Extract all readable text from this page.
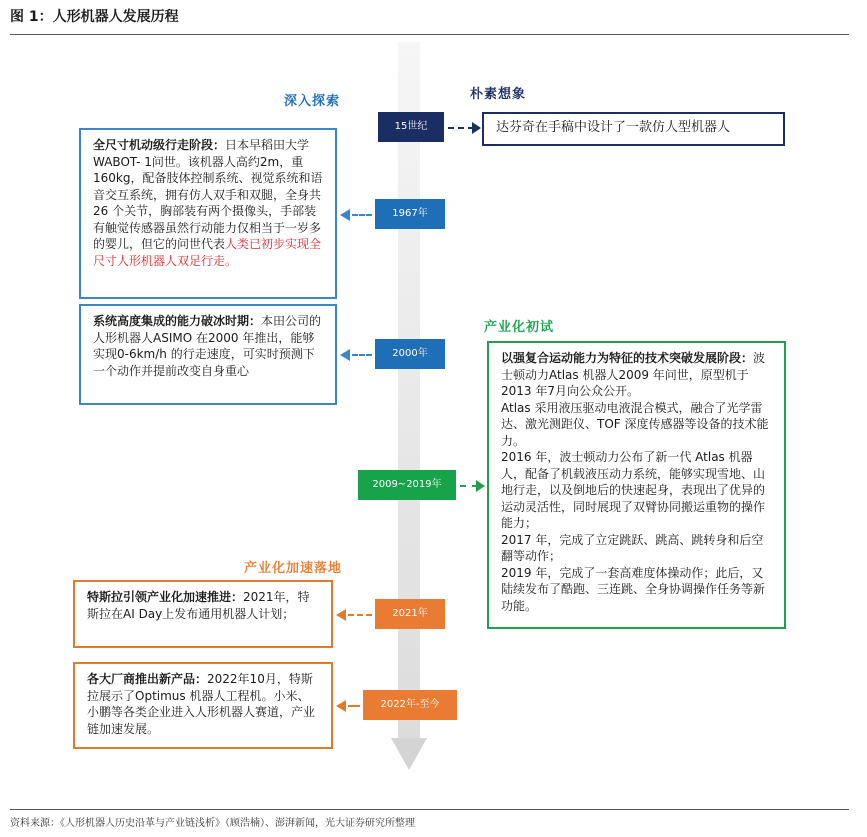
图 1：人形机器人发展历程
深入探索	朴素想象
产业化初试
产业化加速落地
15世纪	达芬奇在手稿中设计了一款仿人型机器人
1967年
全尺寸机动级行走阶段：日本早稻田大学WABOT- 1问世。该机器人高约2m，重 160kg，配备肢体控制系统、视觉系统和语音交互系统，拥有仿人双手和双腿，全身共26 个关节，胸部装有两个摄像头，手部装有触觉传感器虽然行动能力仅相当于一岁多的婴儿，但它的问世代表人类已初步实现全尺寸人形机器人双足行走。
2000年
系统高度集成的能力破冰时期：本田公司的人形机器人ASIMO 在2000 年推出，能够实现0-6km/h 的行走速度，可实时预测下一个动作并提前改变自身重心
2009~2019年
以强复合运动能力为特征的技术突破发展阶段：波士顿动力Atlas 机器人2009 年问世，原型机于2013 年7月向公众公开。
Atlas 采用液压驱动电液混合模式，融合了光学雷达、激光测距仪、TOF 深度传感器等设备的技术能力。
2016 年，波士顿动力公布了新一代 Atlas 机器人，配备了机载液压动力系统，能够实现雪地、山地行走，以及倒地后的快速起身，表现出了优异的运动灵活性，同时展现了双臂协同搬运重物的操作能力；
2017 年，完成了立定跳跃、跳高、跳转身和后空翻等动作；
2019 年，完成了一套高难度体操动作；此后，又陆续发布了酷跑、三连跳、全身协调操作任务等新功能。
2021年
特斯拉引领产业化加速推进：2021年，特斯拉在AI Day上发布通用机器人计划；
2022年-至今
各大厂商推出新产品：2022年10月，特斯拉展示了Optimus 机器人工程机。小米、小鹏等各类企业进入人形机器人赛道，产业链加速发展。
资料来源：《人形机器人历史沿革与产业链浅析》（顾浩楠）、澎湃新闻，光大证券研究所整理
